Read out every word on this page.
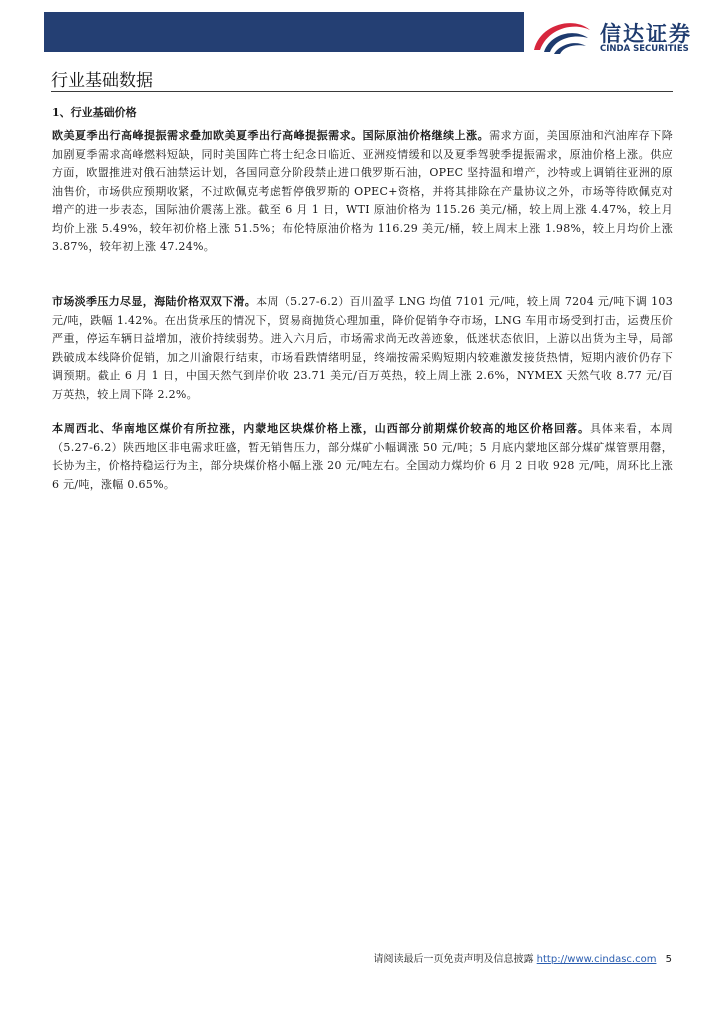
信达证券
CINDA SECURITIES
行业基础数据
1、行业基础价格

欧美夏季出行高峰提振需求叠加欧美夏季出行高峰提振需求。国际原油价格继续上涨。需求方面，美国原油和汽油库存下降加剧夏季需求高峰燃料短缺，同时美国阵亡将士纪念日临近、亚洲疫情缓和以及夏季驾驶季提振需求，原油价格上涨。供应方面，欧盟推进对俄石油禁运计划，各国同意分阶段禁止进口俄罗斯石油，OPEC 坚持温和增产，沙特或上调销往亚洲的原油售价，市场供应预期收紧，不过欧佩克考虑暂停俄罗斯的 OPEC+资格，并将其排除在产量协议之外，市场等待欧佩克对增产的进一步表态，国际油价震荡上涨。截至 6 月 1 日，WTI 原油价格为 115.26 美元/桶，较上周上涨 4.47%，较上月均价上涨 5.49%，较年初价格上涨 51.5%；布伦特原油价格为 116.29 美元/桶，较上周末上涨 1.98%，较上月均价上涨 3.87%，较年初上涨 47.24%。

市场淡季压力尽显，海陆价格双双下滑。本周（5.27-6.2）百川盈孚 LNG 均值 7101 元/吨，较上周 7204 元/吨下调 103 元/吨，跌幅 1.42%。在出货承压的情况下，贸易商抛货心理加重，降价促销争夺市场，LNG 车用市场受到打击，运费压价严重，停运车辆日益增加，液价持续弱势。进入六月后，市场需求尚无改善迹象，低迷状态依旧，上游以出货为主导，局部跌破成本线降价促销，加之川渝限行结束，市场看跌情绪明显，终端按需采购短期内较难激发接货热情，短期内液价仍存下调预期。截止 6 月 1 日，中国天然气到岸价收 23.71 美元/百万英热，较上周上涨 2.6%，NYMEX 天然气收 8.77 元/百万英热，较上周下降 2.2%。

本周西北、华南地区煤价有所拉涨，内蒙地区块煤价格上涨，山西部分前期煤价较高的地区价格回落。具体来看，本周（5.27-6.2）陕西地区非电需求旺盛，暂无销售压力，部分煤矿小幅调涨 50 元/吨；5 月底内蒙地区部分煤矿煤管票用罄，长协为主，价格持稳运行为主，部分块煤价格小幅上涨 20 元/吨左右。全国动力煤均价 6 月 2 日收 928 元/吨，周环比上涨 6 元/吨，涨幅 0.65%。

请阅读最后一页免责声明及信息披露 http://www.cindasc.com 5
